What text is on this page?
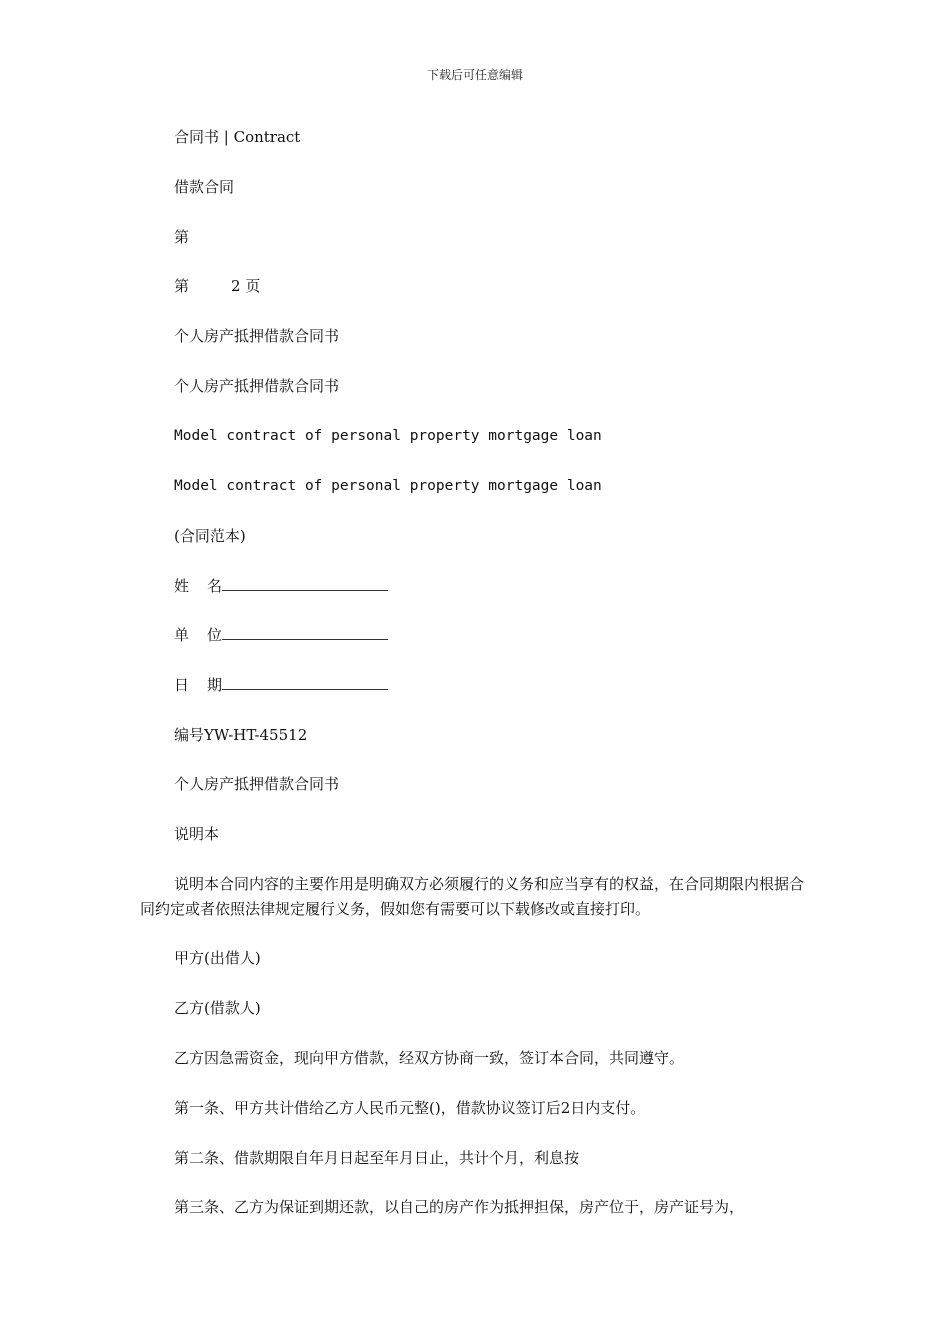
下载后可任意编辑
合同书 | Contract
借款合同
第
第	2 页
个人房产抵押借款合同书
个人房产抵押借款合同书
Model contract of personal property mortgage loan
Model contract of personal property mortgage loan
(合同范本)
姓 名
单 位
日 期
编号YW-HT-45512
个人房产抵押借款合同书
说明本
说明本合同内容的主要作用是明确双方必须履行的义务和应当享有的权益，在合同期限内根据合同约定或者依照法律规定履行义务，假如您有需要可以下载修改或直接打印。
甲方(出借人)
乙方(借款人)
乙方因急需资金，现向甲方借款，经双方协商一致，签订本合同，共同遵守。
第一条、甲方共计借给乙方人民币元整()，借款协议签订后2日内支付。
第二条、借款期限自年月日起至年月日止，共计个月，利息按
第三条、乙方为保证到期还款，以自己的房产作为抵押担保，房产位于，房产证号为，
